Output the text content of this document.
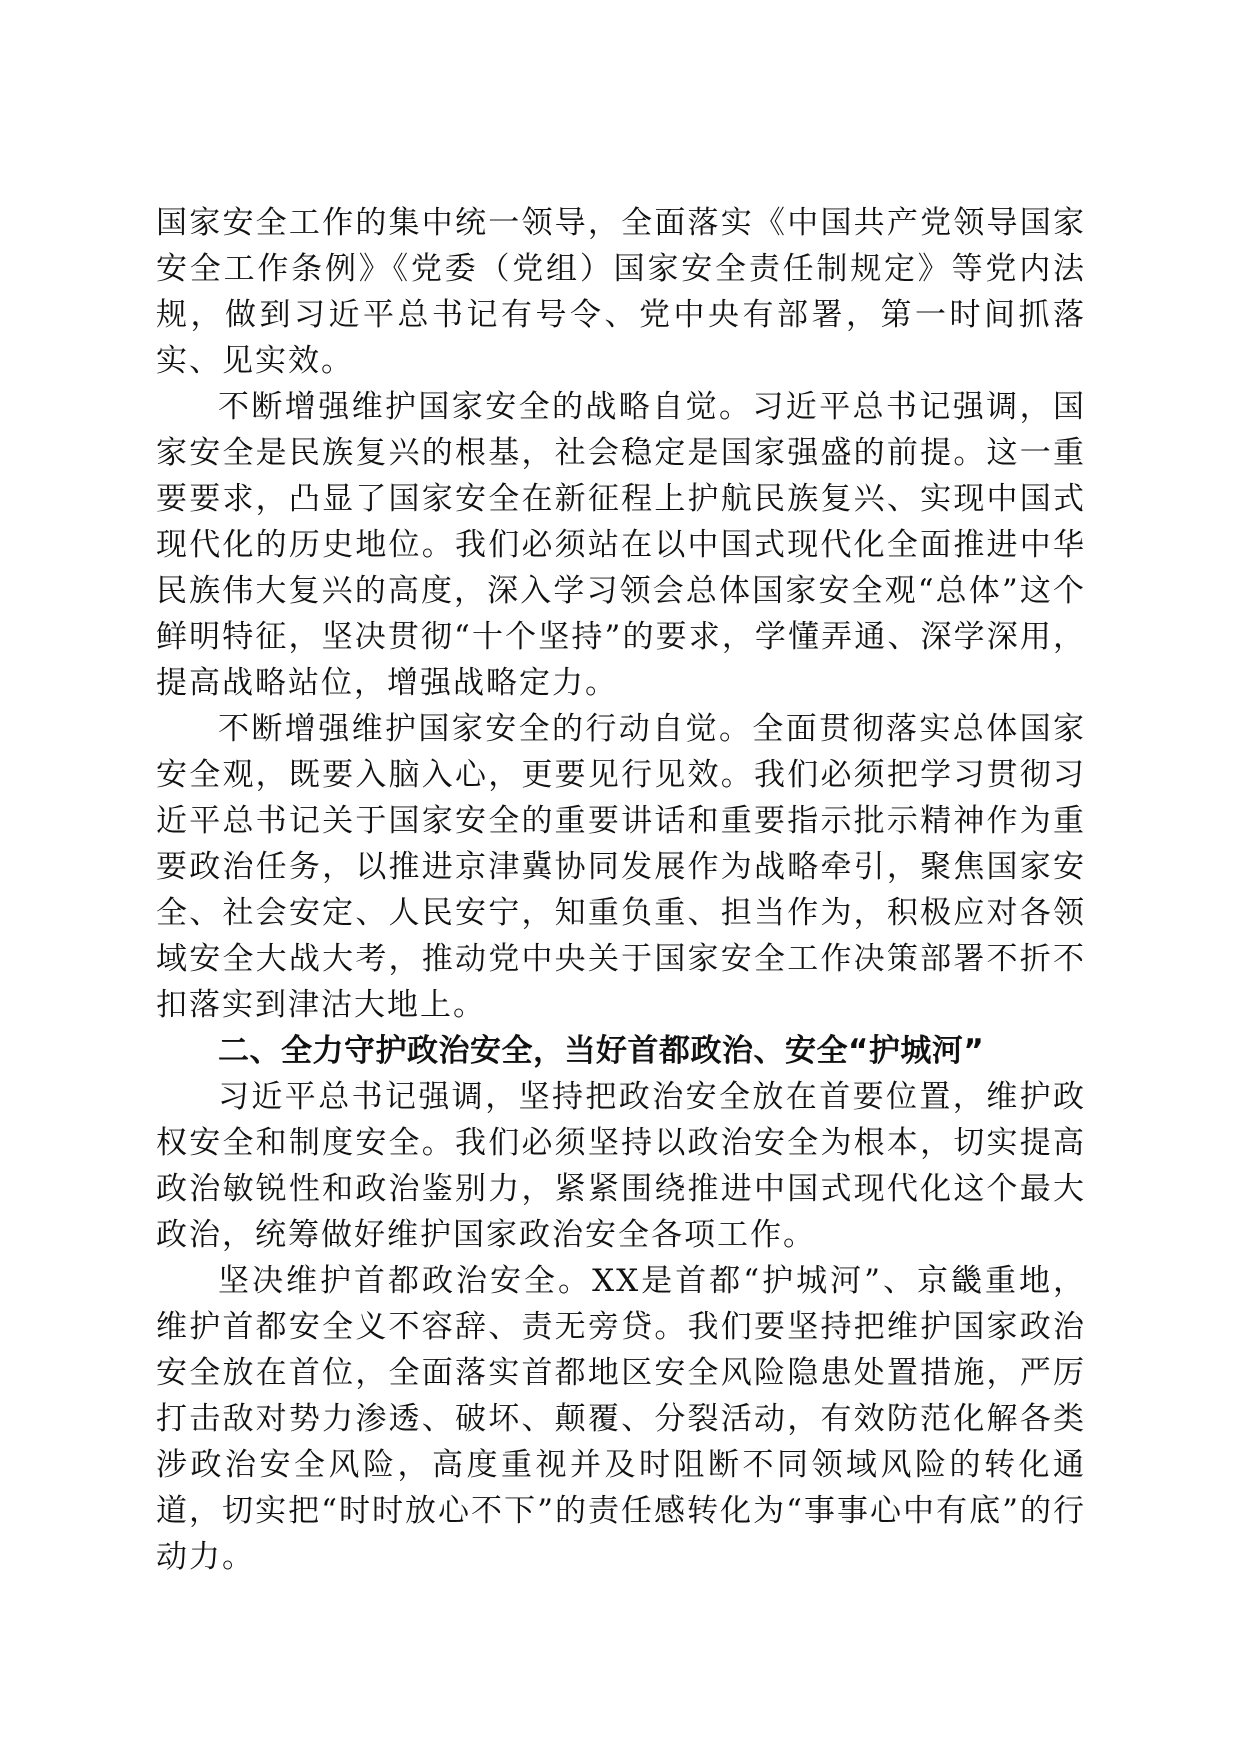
国家安全工作的集中统一领导，全面落实《中国共产党领导国家安全工作条例》《党委（党组）国家安全责任制规定》等党内法规，做到习近平总书记有号令、党中央有部署，第一时间抓落实、见实效。

不断增强维护国家安全的战略自觉。习近平总书记强调，国家安全是民族复兴的根基，社会稳定是国家强盛的前提。这一重要要求，凸显了国家安全在新征程上护航民族复兴、实现中国式现代化的历史地位。我们必须站在以中国式现代化全面推进中华民族伟大复兴的高度，深入学习领会总体国家安全观“总体”这个鲜明特征，坚决贯彻“十个坚持”的要求，学懂弄通、深学深用，提高战略站位，增强战略定力。

不断增强维护国家安全的行动自觉。全面贯彻落实总体国家安全观，既要入脑入心，更要见行见效。我们必须把学习贯彻习近平总书记关于国家安全的重要讲话和重要指示批示精神作为重要政治任务，以推进京津冀协同发展作为战略牵引，聚焦国家安全、社会安定、人民安宁，知重负重、担当作为，积极应对各领域安全大战大考，推动党中央关于国家安全工作决策部署不折不扣落实到津沽大地上。

二、全力守护政治安全，当好首都政治、安全“护城河”

习近平总书记强调，坚持把政治安全放在首要位置，维护政权安全和制度安全。我们必须坚持以政治安全为根本，切实提高政治敏锐性和政治鉴别力，紧紧围绕推进中国式现代化这个最大政治，统筹做好维护国家政治安全各项工作。

坚决维护首都政治安全。XX是首都“护城河”、京畿重地，维护首都安全义不容辞、责无旁贷。我们要坚持把维护国家政治安全放在首位，全面落实首都地区安全风险隐患处置措施，严厉打击敌对势力渗透、破坏、颠覆、分裂活动，有效防范化解各类涉政治安全风险，高度重视并及时阻断不同领域风险的转化通道，切实把“时时放心不下”的责任感转化为“事事心中有底”的行动力。
